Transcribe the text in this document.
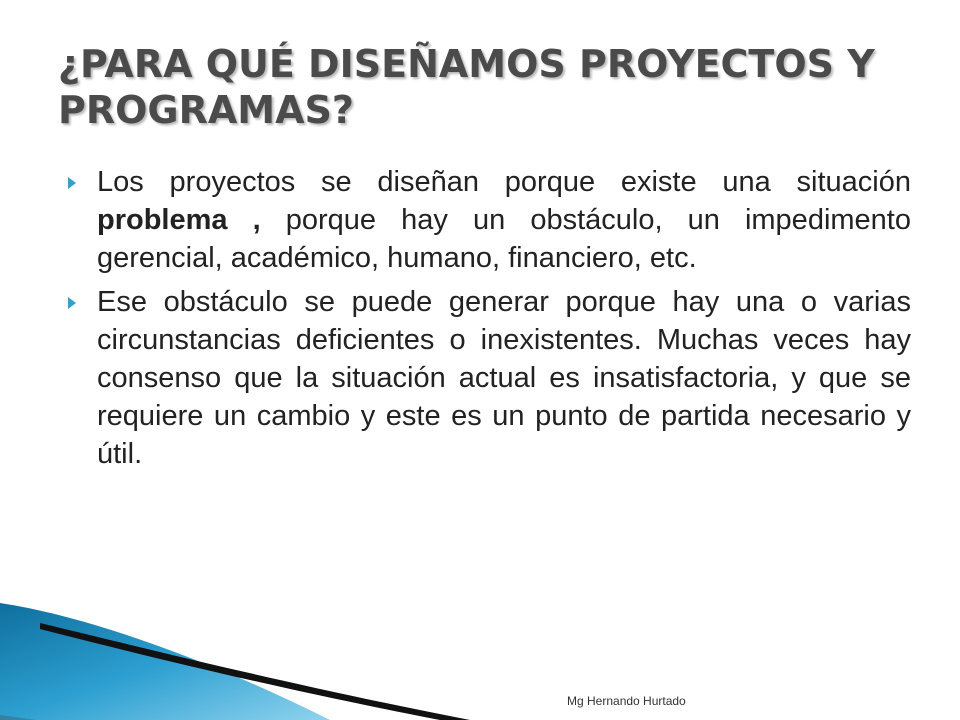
¿PARA QUÉ DISEÑAMOS PROYECTOS Y PROGRAMAS?

Los proyectos se diseñan porque existe una situación problema , porque hay un obstáculo, un impedimento gerencial, académico, humano, financiero, etc.

Ese obstáculo se puede generar porque hay una o varias circunstancias deficientes o inexistentes. Muchas veces hay consenso que la situación actual es insatisfactoria, y que se requiere un cambio y este es un punto de partida necesario y útil.

Mg Hernando Hurtado
